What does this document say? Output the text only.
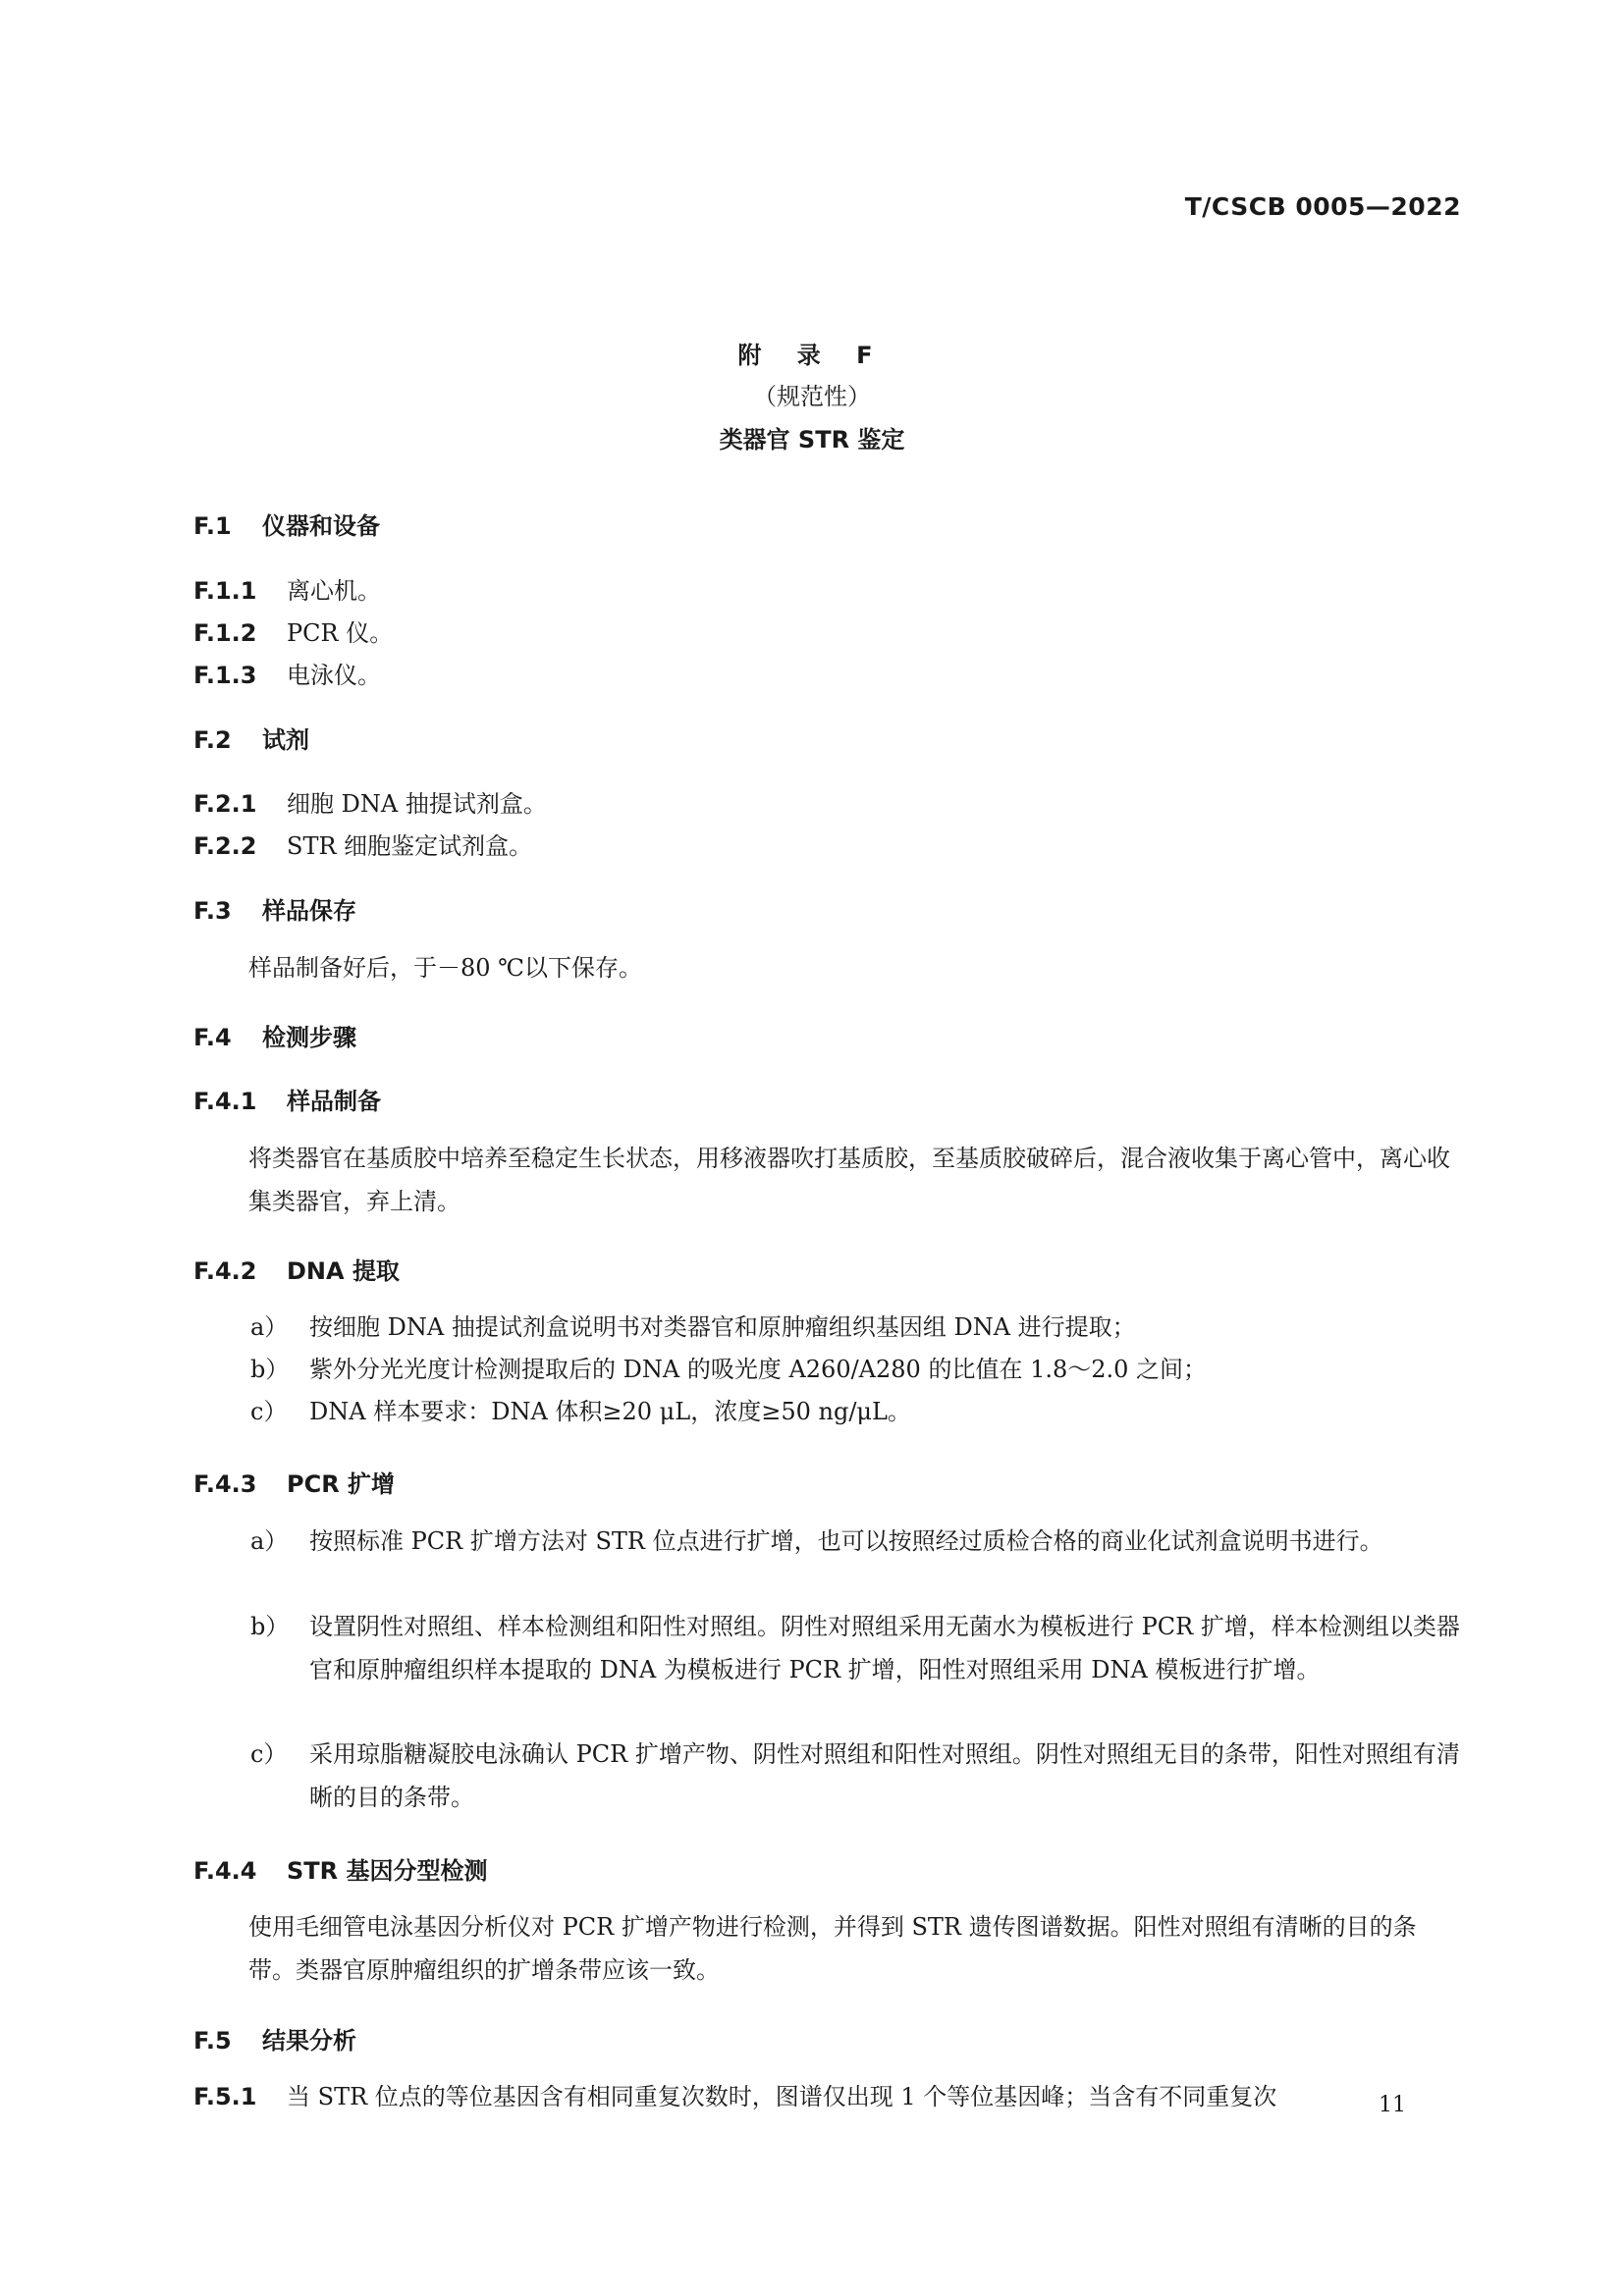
T/CSCB 0005—2022
附 录 F
（规范性）
类器官 STR 鉴定
F.1 仪器和设备
F.1.1 离心机。
F.1.2 PCR 仪。
F.1.3 电泳仪。
F.2 试剂
F.2.1 细胞 DNA 抽提试剂盒。
F.2.2 STR 细胞鉴定试剂盒。
F.3 样品保存
样品制备好后，于－80 ℃以下保存。
F.4 检测步骤
F.4.1 样品制备
将类器官在基质胶中培养至稳定生长状态，用移液器吹打基质胶，至基质胶破碎后，混合液收集于离心管中，离心收集类器官，弃上清。
F.4.2 DNA 提取
a） 按细胞 DNA 抽提试剂盒说明书对类器官和原肿瘤组织基因组 DNA 进行提取；
b） 紫外分光光度计检测提取后的 DNA 的吸光度 A260/A280 的比值在 1.8～2.0 之间；
c） DNA 样本要求：DNA 体积≥20 μL，浓度≥50 ng/μL。
F.4.3 PCR 扩增
a） 按照标准 PCR 扩增方法对 STR 位点进行扩增，也可以按照经过质检合格的商业化试剂盒说明书进行。
b） 设置阴性对照组、样本检测组和阳性对照组。阴性对照组采用无菌水为模板进行 PCR 扩增，样本检测组以类器官和原肿瘤组织样本提取的 DNA 为模板进行 PCR 扩增，阳性对照组采用 DNA 模板进行扩增。
c） 采用琼脂糖凝胶电泳确认 PCR 扩增产物、阴性对照组和阳性对照组。阴性对照组无目的条带，阳性对照组有清晰的目的条带。
F.4.4 STR 基因分型检测
使用毛细管电泳基因分析仪对 PCR 扩增产物进行检测，并得到 STR 遗传图谱数据。阳性对照组有清晰的目的条带。类器官原肿瘤组织的扩增条带应该一致。
F.5 结果分析
F.5.1 当 STR 位点的等位基因含有相同重复次数时，图谱仅出现 1 个等位基因峰；当含有不同重复次	11
